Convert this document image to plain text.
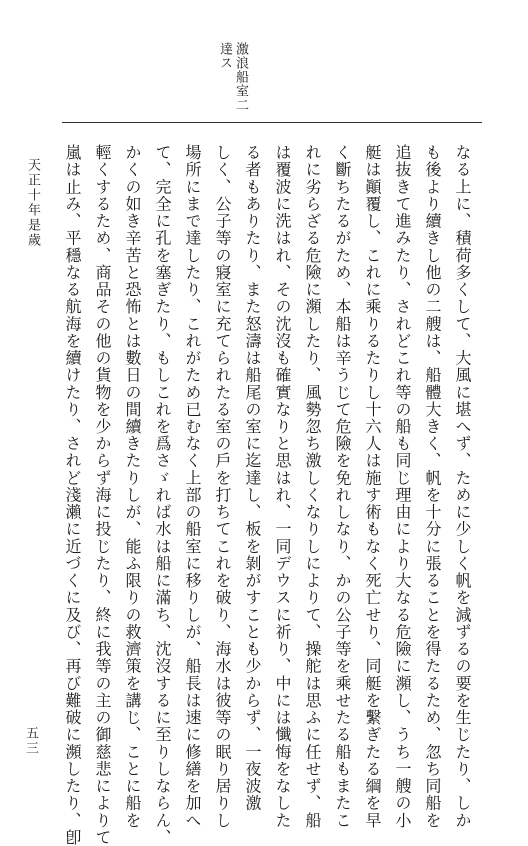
激浪船室二
達ス
なる上に、積荷多くして、大風に堪へず、ために少しく帆を減ずるの要を生じたり、しか
も後より續きし他の二艘は、船體大きく、帆を十分に張ることを得たるため、忽ち同船を
追抜きて進みたり、されどこれ等の船も同じ理由により大なる危險に瀕し、うち一艘の小
艇は顚覆し、これに乘りるたりし十六人は施す術もなく死亡せり、同艇を繫ぎたる綱を早
く斷ちたるがため、本船は辛うじて危險を免れしなり、かの公子等を乘せたる船もまたこ
れに劣らざる危險に瀕したり、風勢忽ち激しくなりしによりて、操舵は思ふに任せず、船
は覆波に洗はれ、その沈沒も確實なりと思はれ、一同デウスに祈り、中には懺悔をなした
る者もありたり、また怒濤は船尾の室に迄達し、板を剝がすことも少からず、一夜波激
しく、公子等の寢室に充てられたる室の戶を打ちてこれを破り、海水は彼等の眠り居りし
場所にまで達したり、これがため已むなく上部の船室に移りしが、船長は速に修繕を加へ
て、完全に孔を塞ぎたり、もしこれを爲さゞれば水は船に滿ち、沈沒するに至りしならん、
かくの如き辛苦と恐怖とは數日の間續きたりしが、能ふ限りの救濟策を講じ、ことに船を
輕くするため、商品その他の貨物を少からず海に投じたり、終に我等の主の御慈悲によりて
嵐は止み、平穩なる航海を續けたり、されど淺瀨に近づくに及び、再び難破に瀕したり、卽
天正十年是歲
五三
